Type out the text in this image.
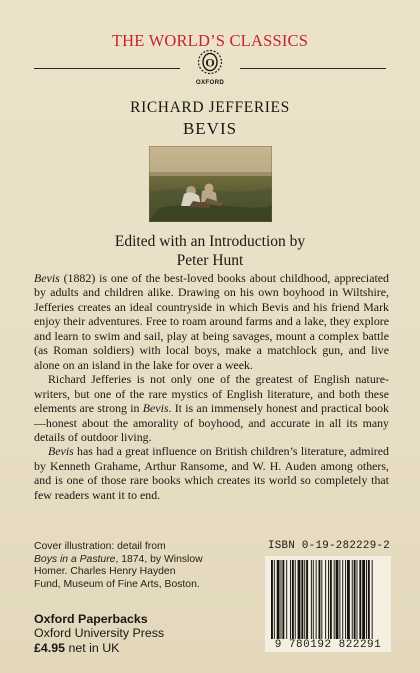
THE WORLD’S CLASSICS
O
OXFORD
RICHARD JEFFERIES
BEVIS
Edited with an Introduction by
Peter Hunt

Bevis (1882) is one of the best-loved books about childhood, appreciated by adults and children alike. Drawing on his own boyhood in Wiltshire, Jefferies creates an ideal countryside in which Bevis and his friend Mark enjoy their adventures. Free to roam around farms and a lake, they explore and learn to swim and sail, play at being savages, mount a complex battle (as Roman soldiers) with local boys, make a matchlock gun, and live alone on an island in the lake for over a week.

Richard Jefferies is not only one of the greatest of English nature-writers, but one of the rare mystics of English literature, and both these elements are strong in Bevis. It is an immensely honest and practical book—honest about the amorality of boyhood, and accurate in all its many details of outdoor living.

Bevis has had a great influence on British children’s literature, admired by Kenneth Grahame, Arthur Ransome, and W. H. Auden among others, and is one of those rare books which creates its world so completely that few readers want it to end.

Cover illustration: detail from
Boys in a Pasture, 1874, by Winslow Homer. Charles Henry Hayden Fund, Museum of Fine Arts, Boston.
Oxford Paperbacks
Oxford University Press
£4.95 net in UK
ISBN 0-19-282229-2
9 780192 822291
